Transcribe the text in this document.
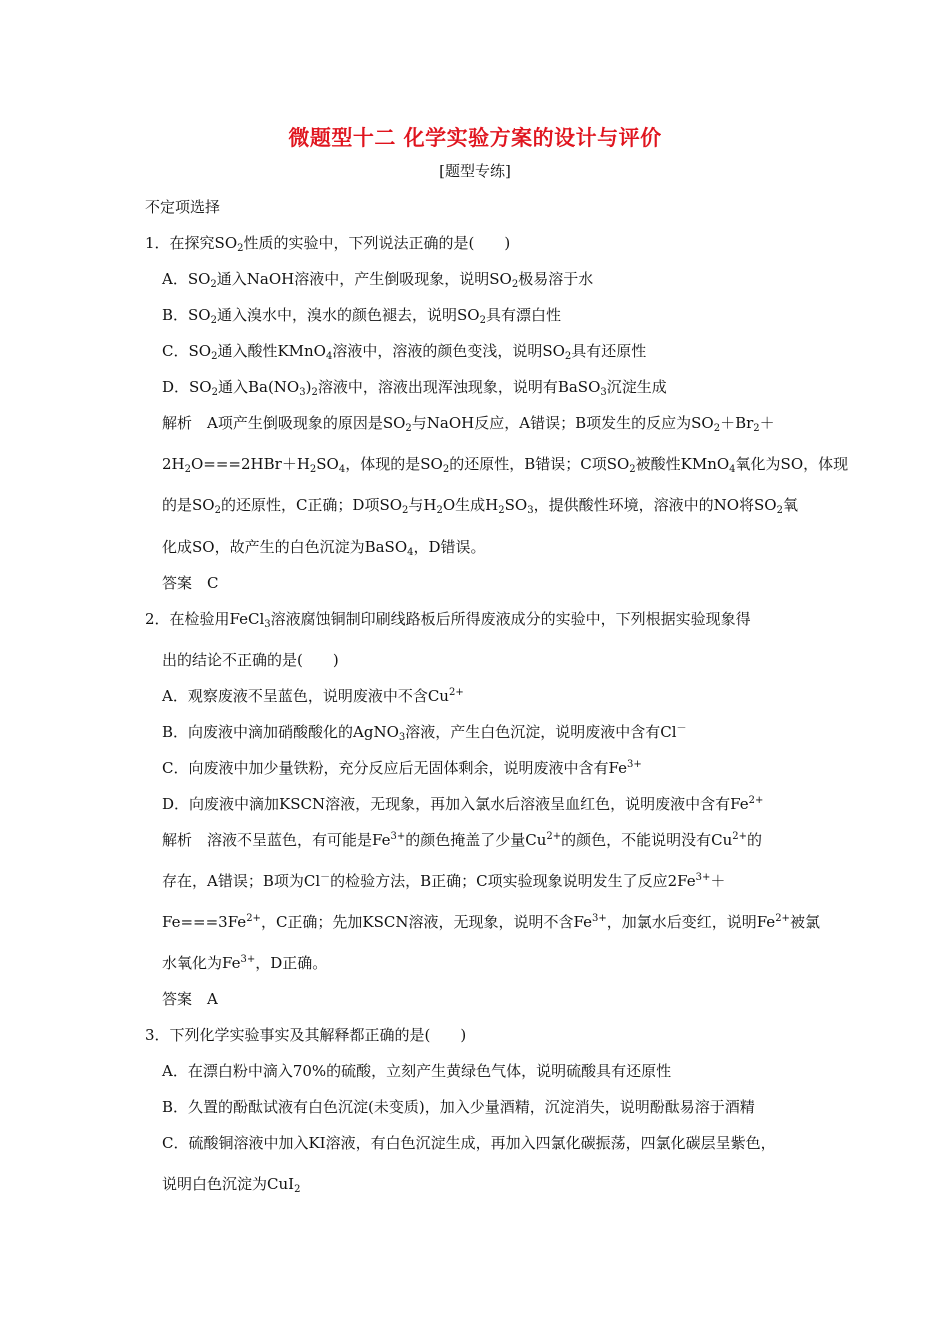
微题型十二 化学实验方案的设计与评价
[题型专练]
不定项选择
1．在探究$SO_2$性质的实验中，下列说法正确的是(　　)
A．$SO_2$通入NaOH溶液中，产生倒吸现象，说明$SO_2$极易溶于水
B．$SO_2$通入溴水中，溴水的颜色褪去，说明$SO_2$具有漂白性
C．$SO_2$通入酸性KMnO$_4$溶液中，溶液的颜色变浅，说明$SO_2$具有还原性
D．$SO_2$通入$Ba(NO_3)_2$溶液中，溶液出现浑浊现象，说明有BaSO$_3$沉淀生成
解析　A项产生倒吸现象的原因是$SO_2$与NaOH反应，A错误；B项发生的反应为$SO_2+Br_2+$
$2H_2O===2HBr+H_2SO_4$，体现的是$SO_2$的还原性，B错误；C项$SO_2$被酸性KMnO$_4$氧化为SO，体现
的是$SO_2$的还原性，C正确；D项$SO_2$与$H_2O$生成$H_2SO_3$，提供酸性环境，溶液中的NO将$SO_2$氧
化成SO，故产生的白色沉淀为BaSO$_4$，D错误。
答案　C
2．在检验用FeCl$_3$溶液腐蚀铜制印刷线路板后所得废液成分的实验中，下列根据实验现象得
出的结论不正确的是(　　)
A．观察废液不呈蓝色，说明废液中不含$Cu^{2+}$
B．向废液中滴加硝酸酸化的AgNO$_3$溶液，产生白色沉淀，说明废液中含有Cl－
C．向废液中加少量铁粉，充分反应后无固体剩余，说明废液中含有$Fe^{3+}$
D．向废液中滴加KSCN溶液，无现象，再加入氯水后溶液呈血红色，说明废液中含有$Fe^{2+}$
解析　溶液不呈蓝色，有可能是$Fe^{3+}$的颜色掩盖了少量$Cu^{2+}$的颜色，不能说明没有$Cu^{2+}$的
存在，A错误；B项为Cl－的检验方法，B正确；C项实验现象说明发生了反应$2Fe^{3+}+$
$Fe===3Fe^{2+}$，C正确；先加KSCN溶液，无现象，说明不含$Fe^{3+}$，加氯水后变红，说明$Fe^{2+}$被氯
水氧化为$Fe^{3+}$，D正确。
答案　A
3．下列化学实验事实及其解释都正确的是(　　)
A．在漂白粉中滴入70%的硫酸，立刻产生黄绿色气体，说明硫酸具有还原性
B．久置的酚酞试液有白色沉淀(未变质)，加入少量酒精，沉淀消失，说明酚酞易溶于酒精
C．硫酸铜溶液中加入KI溶液，有白色沉淀生成，再加入四氯化碳振荡，四氯化碳层呈紫色，
说明白色沉淀为CuI$_2$
